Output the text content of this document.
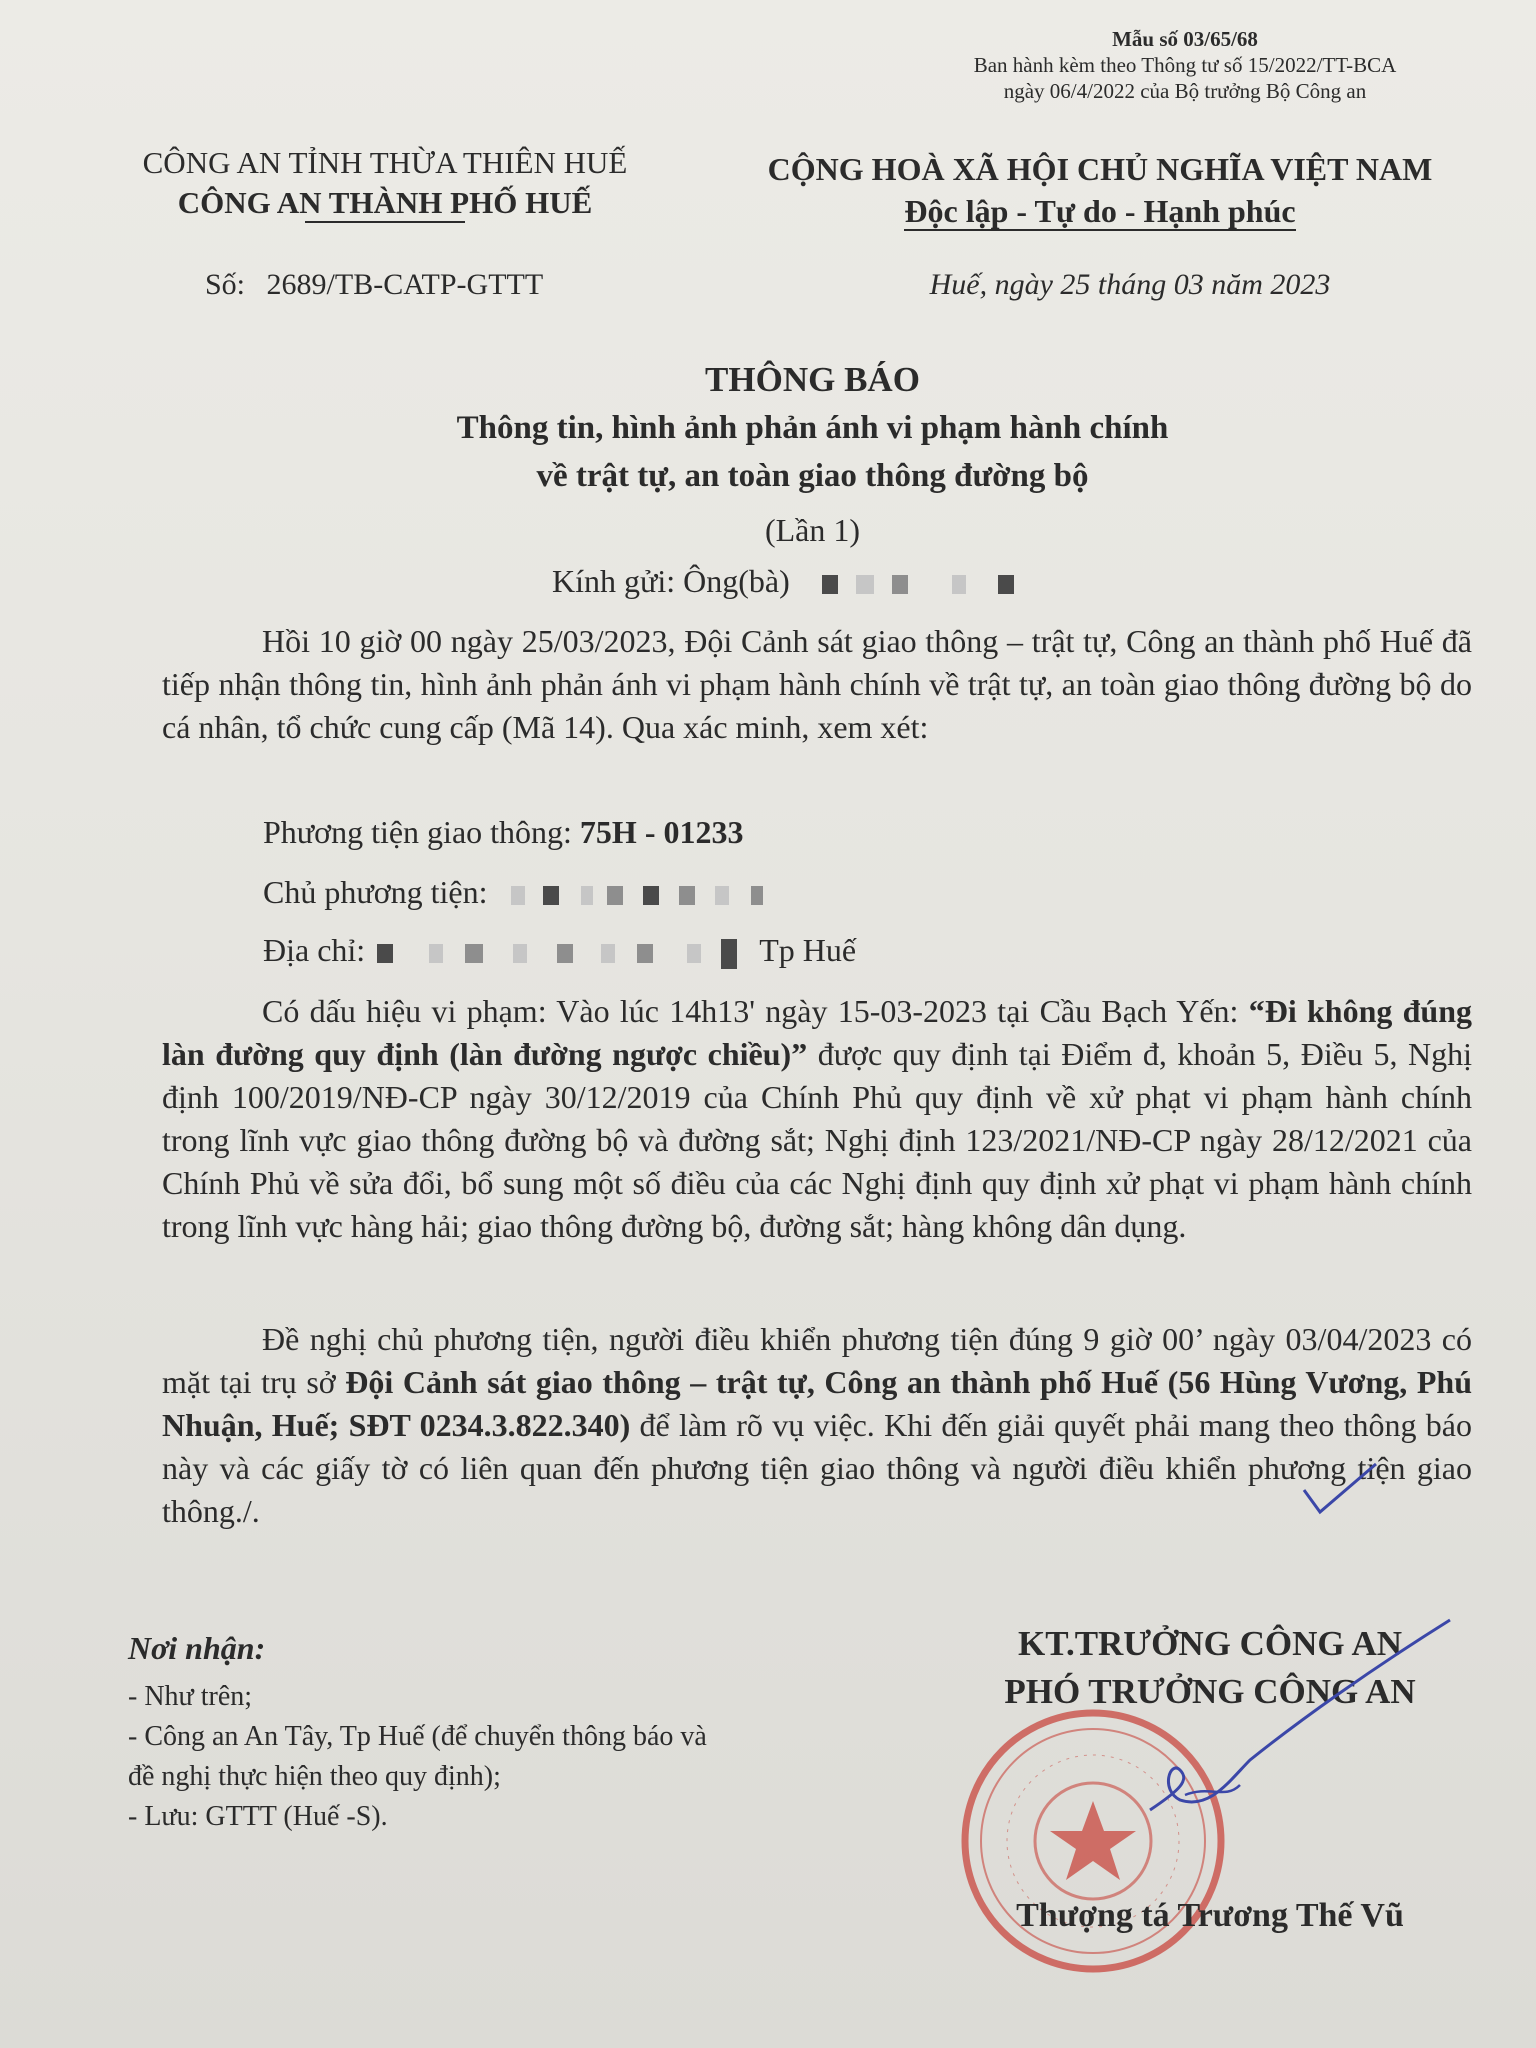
Mẫu số 03/65/68
Ban hành kèm theo Thông tư số 15/2022/TT-BCA
ngày 06/4/2022 của Bộ trưởng Bộ Công an
CÔNG AN TỈNH THỪA THIÊN HUẾ
CÔNG AN THÀNH PHỐ HUẾ
CỘNG HOÀ XÃ HỘI CHỦ NGHĨA VIỆT NAM
Độc lập - Tự do - Hạnh phúc
Số: 2689/TB-CATP-GTTT	Huế, ngày 25 tháng 03 năm 2023
THÔNG BÁO
Thông tin, hình ảnh phản ánh vi phạm hành chính
về trật tự, an toàn giao thông đường bộ
(Lần 1)
Kính gửi: Ông(bà)
Hồi 10 giờ 00 ngày 25/03/2023, Đội Cảnh sát giao thông – trật tự, Công an thành phố Huế đã tiếp nhận thông tin, hình ảnh phản ánh vi phạm hành chính về trật tự, an toàn giao thông đường bộ do cá nhân, tổ chức cung cấp (Mã 14). Qua xác minh, xem xét:
Phương tiện giao thông: 75H - 01233
Chủ phương tiện:
Địa chỉ:	Tp Huế
Có dấu hiệu vi phạm: Vào lúc 14h13' ngày 15-03-2023 tại Cầu Bạch Yến: “Đi không đúng làn đường quy định (làn đường ngược chiều)” được quy định tại Điểm đ, khoản 5, Điều 5, Nghị định 100/2019/NĐ-CP ngày 30/12/2019 của Chính Phủ quy định về xử phạt vi phạm hành chính trong lĩnh vực giao thông đường bộ và đường sắt; Nghị định 123/2021/NĐ-CP ngày 28/12/2021 của Chính Phủ về sửa đổi, bổ sung một số điều của các Nghị định quy định xử phạt vi phạm hành chính trong lĩnh vực hàng hải; giao thông đường bộ, đường sắt; hàng không dân dụng.
Đề nghị chủ phương tiện, người điều khiển phương tiện đúng 9 giờ 00’ ngày 03/04/2023 có mặt tại trụ sở Đội Cảnh sát giao thông – trật tự, Công an thành phố Huế (56 Hùng Vương, Phú Nhuận, Huế; SĐT 0234.3.822.340) để làm rõ vụ việc. Khi đến giải quyết phải mang theo thông báo này và các giấy tờ có liên quan đến phương tiện giao thông và người điều khiển phương tiện giao thông./.
Nơi nhận:
- Như trên;
- Công an An Tây, Tp Huế (để chuyển thông báo và
đề nghị thực hiện theo quy định);
- Lưu: GTTT (Huế -S).
KT.TRƯỞNG CÔNG AN
PHÓ TRƯỞNG CÔNG AN
Thượng tá Trương Thế Vũ
